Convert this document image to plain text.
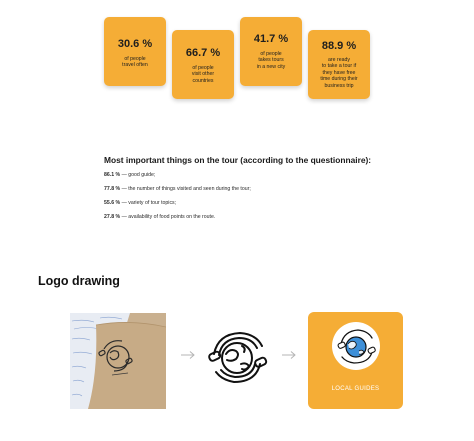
30.6 %
of people
travel often
66.7 %
of people
visit other
countries
41.7 %
of people
takes tours
in a new city
88.9 %
are ready
to take a tour if
they have free
time during their
business trip
Most important things on the tour (according to the questionnaire):
86.1 % — good guide;
77.8 % — the number of things visited and seen during the tour;
55.6 % — variety of tour topics;
27.8 % — availability of food points on the route.
Logo drawing
LOCAL GUIDES
